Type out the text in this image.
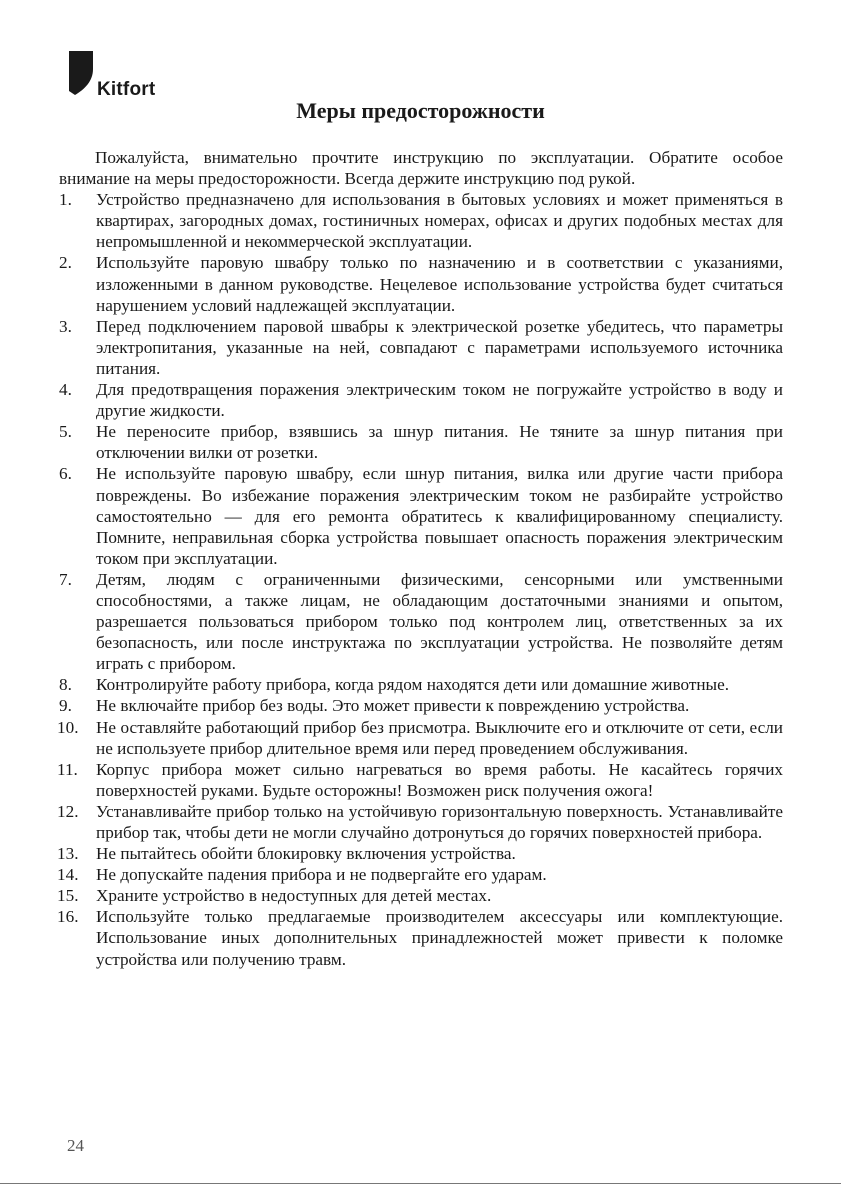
Kitfort
Меры предосторожности

Пожалуйста, внимательно прочтите инструкцию по эксплуатации. Обратите особое внимание на меры предосторожности. Всегда держите инструкцию под рукой.

1. Устройство предназначено для использования в бытовых условиях и может применяться в квартирах, загородных домах, гостиничных номерах, офисах и других подобных местах для непромышленной и некоммерческой эксплуатации.
2. Используйте паровую швабру только по назначению и в соответствии с указаниями, изложенными в данном руководстве. Нецелевое использование устройства будет считаться нарушением условий надлежащей эксплуатации.
3. Перед подключением паровой швабры к электрической розетке убедитесь, что параметры электропитания, указанные на ней, совпадают с параметрами используемого источника питания.
4. Для предотвращения поражения электрическим током не погружайте устройство в воду и другие жидкости.
5. Не переносите прибор, взявшись за шнур питания. Не тяните за шнур питания при отключении вилки от розетки.
6. Не используйте паровую швабру, если шнур питания, вилка или другие части прибора повреждены. Во избежание поражения электрическим током не разбирайте устройство самостоятельно — для его ремонта обратитесь к квалифицированному специалисту. Помните, неправильная сборка устройства повышает опасность поражения электрическим током при эксплуатации.
7. Детям, людям с ограниченными физическими, сенсорными или умственными способностями, а также лицам, не обладающим достаточными знаниями и опытом, разрешается пользоваться прибором только под контролем лиц, ответственных за их безопасность, или после инструктажа по эксплуатации устройства. Не позволяйте детям играть с прибором.
8. Контролируйте работу прибора, когда рядом находятся дети или домашние животные.
9. Не включайте прибор без воды. Это может привести к повреждению устройства.
10. Не оставляйте работающий прибор без присмотра. Выключите его и отключите от сети, если не используете прибор длительное время или перед проведением обслуживания.
11. Корпус прибора может сильно нагреваться во время работы. Не касайтесь горячих поверхностей руками. Будьте осторожны! Возможен риск получения ожога!
12. Устанавливайте прибор только на устойчивую горизонтальную поверхность. Устанавливайте прибор так, чтобы дети не могли случайно дотронуться до горячих поверхностей прибора.
13. Не пытайтесь обойти блокировку включения устройства.
14. Не допускайте падения прибора и не подвергайте его ударам.
15. Храните устройство в недоступных для детей местах.
16. Используйте только предлагаемые производителем аксессуары или комплектующие. Использование иных дополнительных принадлежностей может привести к поломке устройства или получению травм.
24
